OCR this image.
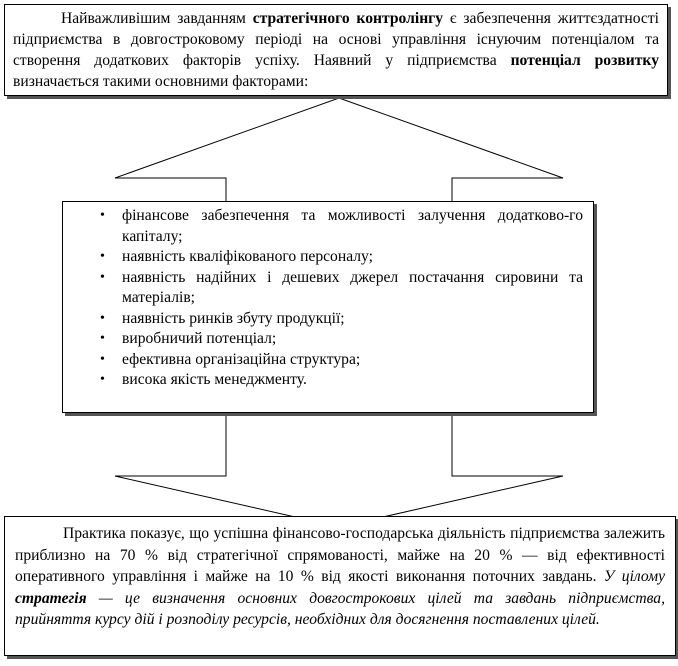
Найважливішим завданням стратегічного контролінгу є забезпечення життєздатності підприємства в довгостроковому періоді на основі управління існуючим потенціалом та створення додаткових факторів успіху. Наявний у підприємства потенціал розвитку визначається такими основними факторами:

• фінансове забезпечення та можливості залучення додатково-го капіталу;
• наявність кваліфікованого персоналу;
• наявність надійних і дешевих джерел постачання сировини та матеріалів;
• наявність ринків збуту продукції;
• виробничий потенціал;
• ефективна організаційна структура;
• висока якість менеджменту.

Практика показує, що успішна фінансово-господарська діяльність підприємства залежить приблизно на 70 % від стратегічної спрямованості, майже на 20 % — від ефективності оперативного управління і майже на 10 % від якості виконання поточних завдань. У цілому стратегія — це визначення основних довгострокових цілей та завдань підприємства, прийняття курсу дій і розподілу ресурсів, необхідних для досягнення поставлених цілей.
